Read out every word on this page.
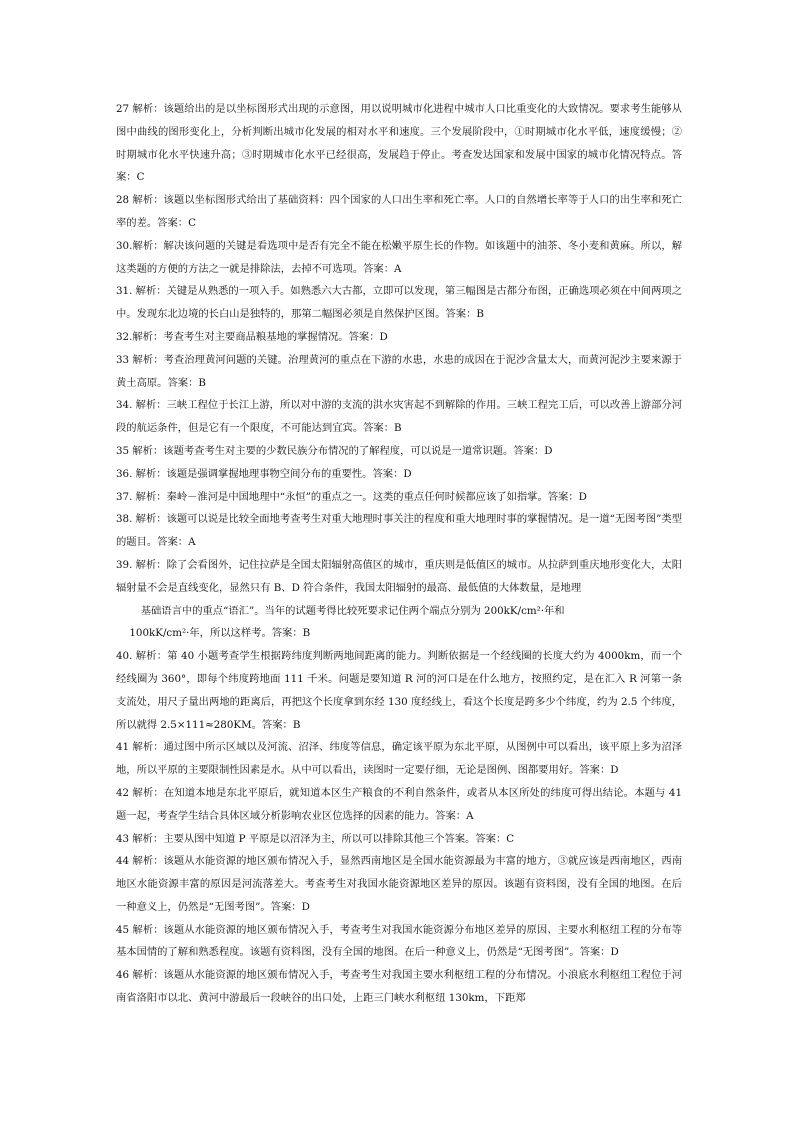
27 解析：该题给出的是以坐标图形式出现的示意图，用以说明城市化进程中城市人口比重变化的大致情况。要求考生能够从图中曲线的图形变化上，分析判断出城市化发展的相对水平和速度。三个发展阶段中，①时期城市化水平低，速度缓慢；②时期城市化水平快速升高；③时期城市化水平已经很高，发展趋于停止。考查发达国家和发展中国家的城市化情况特点。答案：C

28 解析：该题以坐标图形式给出了基础资料：四个国家的人口出生率和死亡率。人口的自然增长率等于人口的出生率和死亡率的差。答案：C

30.解析：解决该问题的关键是看选项中是否有完全不能在松嫩平原生长的作物。如该题中的油茶、冬小麦和黄麻。所以，解这类题的方便的方法之一就是排除法，去掉不可选项。答案：A

31. 解析：关键是从熟悉的一项入手。如熟悉六大古都，立即可以发现，第三幅图是古都分布图，正确选项必须在中间两项之中。发现东北边境的长白山是独特的，那第二幅图必须是自然保护区图。答案：B

32.解析：考查考生对主要商品粮基地的掌握情况。答案：D

33 解析：考查治理黄河问题的关键。治理黄河的重点在下游的水患，水患的成因在于泥沙含量太大，而黄河泥沙主要来源于黄土高原。答案：B

34. 解析：三峡工程位于长江上游，所以对中游的支流的洪水灾害起不到解除的作用。三峡工程完工后，可以改善上游部分河段的航运条件，但是它有一个限度，不可能达到宜宾。答案：B

35 解析：该题考查考生对主要的少数民族分布情况的了解程度，可以说是一道常识题。答案：D

36. 解析：该题是强调掌握地理事物空间分布的重要性。答案：D

37. 解析：秦岭－淮河是中国地理中“永恒”的重点之一。这类的重点任何时候都应该了如指掌。答案：D

38. 解析：该题可以说是比较全面地考查考生对重大地理时事关注的程度和重大地理时事的掌握情况。是一道“无图考图”类型的题目。答案：A

39. 解析：除了会看图外，记住拉萨是全国太阳辐射高值区的城市，重庆则是低值区的城市。从拉萨到重庆地形变化大，太阳辐射量不会是直线变化，显然只有 B、D 符合条件，我国太阳辐射的最高、最低值的大体数量，是地理

基础语言中的重点“语汇”。当年的试题考得比较死要求记住两个端点分别为 200kK/cm²·年和

100kK/cm²·年，所以这样考。答案：B

40. 解析：第 40 小题考查学生根据跨纬度判断两地间距离的能力。判断依据是一个经线圈的长度大约为 4000km，而一个经线圈为 360°，即每个纬度跨地面 111 千米。问题是要知道 R 河的河口是在什么地方，按照约定，是在汇入 R 河第一条支流处，用尺子量出两地的距离后，再把这个长度拿到东经 130 度经线上，看这个长度是跨多少个纬度，约为 2.5 个纬度，所以就得 2.5×111≈280KM。答案：B

41 解析：通过图中所示区域以及河流、沼泽、纬度等信息，确定该平原为东北平原，从图例中可以看出，该平原上多为沼泽地，所以平原的主要限制性因素是水。从中可以看出，读图时一定要仔细，无论是图例、图都要用好。答案：D

42 解析：在知道本地是东北平原后，就知道本区生产粮食的不利自然条件，或者从本区所处的纬度可得出结论。本题与 41 题一起，考查学生结合具体区域分析影响农业区位选择的因素的能力。答案：A

43 解析：主要从图中知道 P 平原是以沼泽为主，所以可以排除其他三个答案。答案：C

44 解析：该题从水能资源的地区颁布情况入手，显然西南地区是全国水能资源最为丰富的地方，③就应该是西南地区，西南地区水能资源丰富的原因是河流落差大。考查考生对我国水能资源地区差异的原因。该题有资料图，没有全国的地图。在后一种意义上，仍然是“无图考图”。答案：D

45 解析：该题从水能资源的地区颁布情况入手，考查考生对我国水能资源分布地区差异的原因、主要水利枢纽工程的分布等基本国情的了解和熟悉程度。该题有资料图，没有全国的地图。在后一种意义上，仍然是“无图考图”。答案：D

46 解析：该题从水能资源的地区颁布情况入手，考查考生对我国主要水利枢纽工程的分布情况。小浪底水利枢纽工程位于河南省洛阳市以北、黄河中游最后一段峡谷的出口处，上距三门峡水利枢纽 130km，下距郑
